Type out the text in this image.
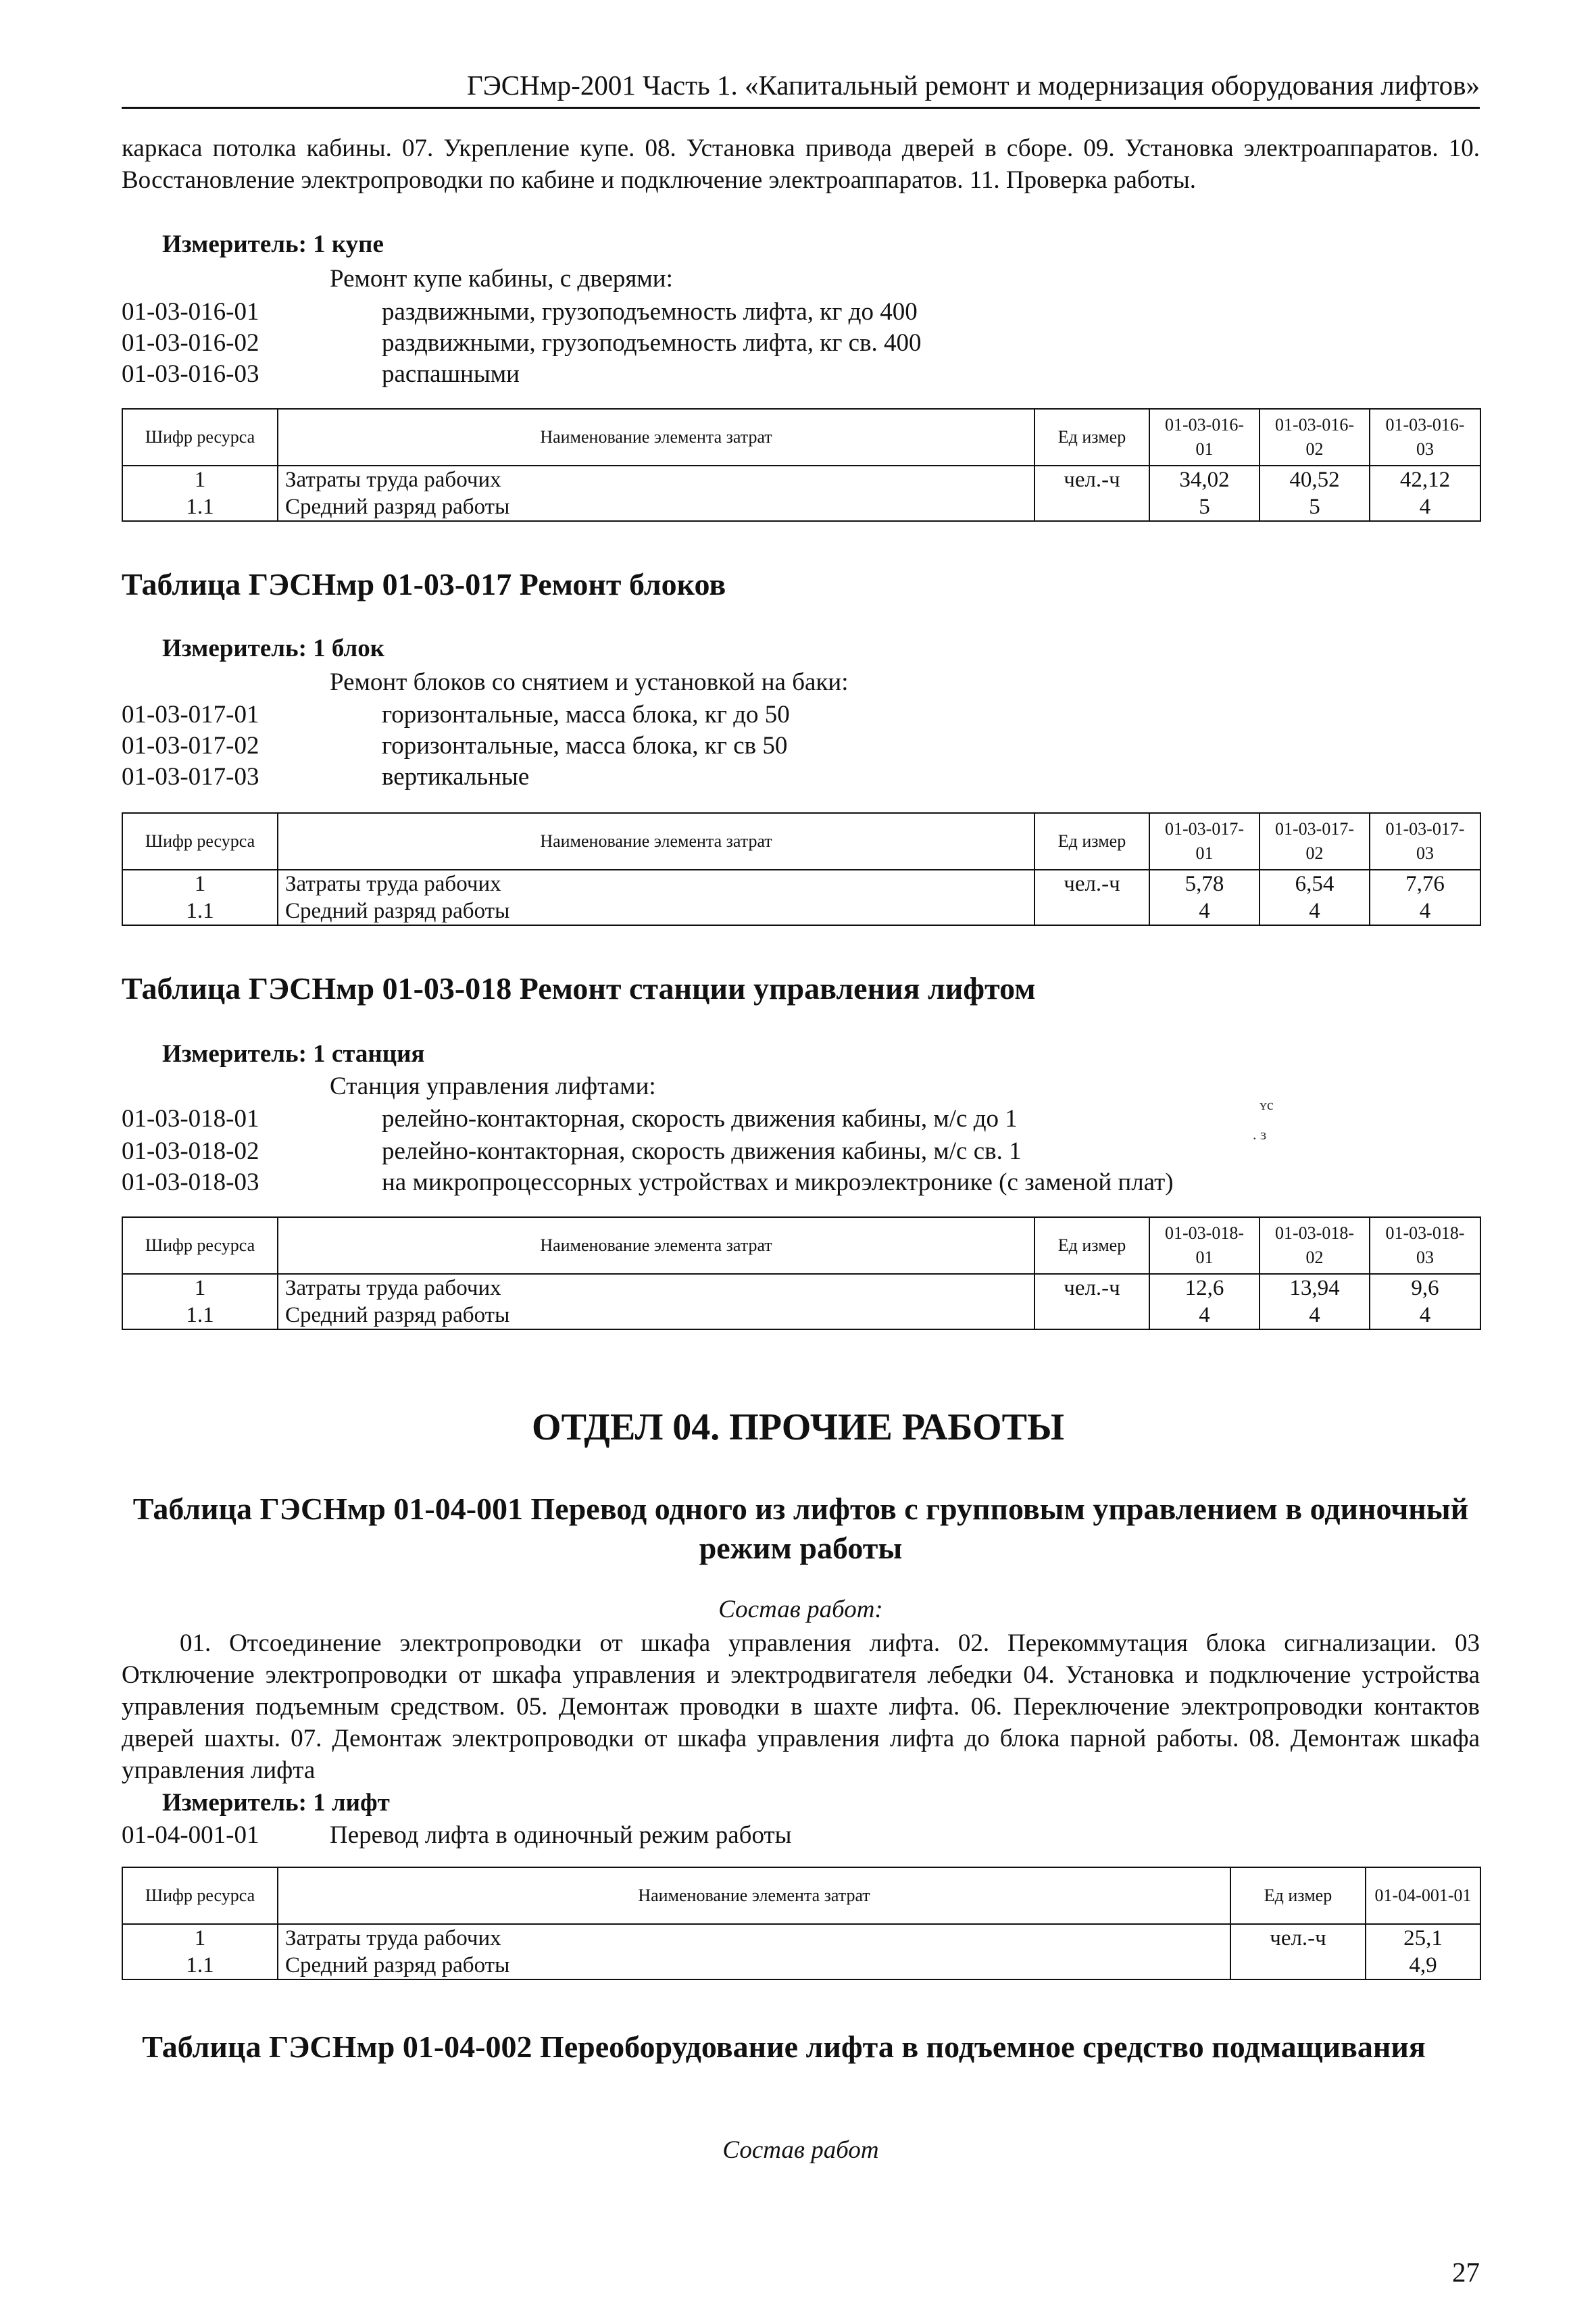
ГЭСНмр-2001 Часть 1. «Капитальный ремонт и модернизация оборудования лифтов»
каркаса потолка кабины. 07. Укрепление купе. 08. Установка привода дверей в сборе. 09. Установка электроаппаратов. 10. Восстановление электропроводки по кабине и подключение электроаппаратов. 11. Проверка работы.
Измеритель: 1 купе
Ремонт купе кабины, с дверями:
01-03-016-01	раздвижными, грузоподъемность лифта, кг до 400
01-03-016-02	раздвижными, грузоподъемность лифта, кг св. 400
01-03-016-03	распашными
Шифр ресурса	Наименование элемента затрат	Ед измер	01-03-016-01	01-03-016-02	01-03-016-03
1	Затраты труда рабочих	чел.-ч	34,02	40,52	42,12
1.1	Средний разряд работы		5	5	4
Таблица ГЭСНмр 01-03-017 Ремонт блоков
Измеритель: 1 блок
Ремонт блоков со снятием и установкой на баки:
01-03-017-01	горизонтальные, масса блока, кг до 50
01-03-017-02	горизонтальные, масса блока, кг св 50
01-03-017-03	вертикальные
Шифр ресурса	Наименование элемента затрат	Ед измер	01-03-017-01	01-03-017-02	01-03-017-03
1	Затраты труда рабочих	чел.-ч	5,78	6,54	7,76
1.1	Средний разряд работы		4	4	4
Таблица ГЭСНмр 01-03-018 Ремонт станции управления лифтом
Измеритель: 1 станция
Станция управления лифтами:
01-03-018-01	релейно-контакторная, скорость движения кабины, м/с до 1
01-03-018-02	релейно-контакторная, скорость движения кабины, м/с св. 1
01-03-018-03	на микропроцессорных устройствах и микроэлектронике (с заменой плат)
ʏc
. ɜ
Шифр ресурса	Наименование элемента затрат	Ед измер	01-03-018-01	01-03-018-02	01-03-018-03
1	Затраты труда рабочих	чел.-ч	12,6	13,94	9,6
1.1	Средний разряд работы		4	4	4
ОТДЕЛ 04. ПРОЧИЕ РАБОТЫ
Таблица ГЭСНмр 01-04-001 Перевод одного из лифтов с групповым управлением в одиночный режим работы
Состав работ:
01. Отсоединение электропроводки от шкафа управления лифта. 02. Перекоммутация блока сигнализации. 03 Отключение электропроводки от шкафа управления и электродвигателя лебедки 04. Установка и подключение устройства управления подъемным средством. 05. Демонтаж проводки в шахте лифта. 06. Переключение электропроводки контактов дверей шахты. 07. Демонтаж электропроводки от шкафа управления лифта до блока парной работы. 08. Демонтаж шкафа управления лифта
Измеритель: 1 лифт
01-04-001-01	Перевод лифта в одиночный режим работы
Шифр ресурса	Наименование элемента затрат	Ед измер	01-04-001-01
1	Затраты труда рабочих	чел.-ч	25,1
1.1	Средний разряд работы		4,9
Таблица ГЭСНмр 01-04-002 Переоборудование лифта в подъемное средство подмащивания
Состав работ
27
